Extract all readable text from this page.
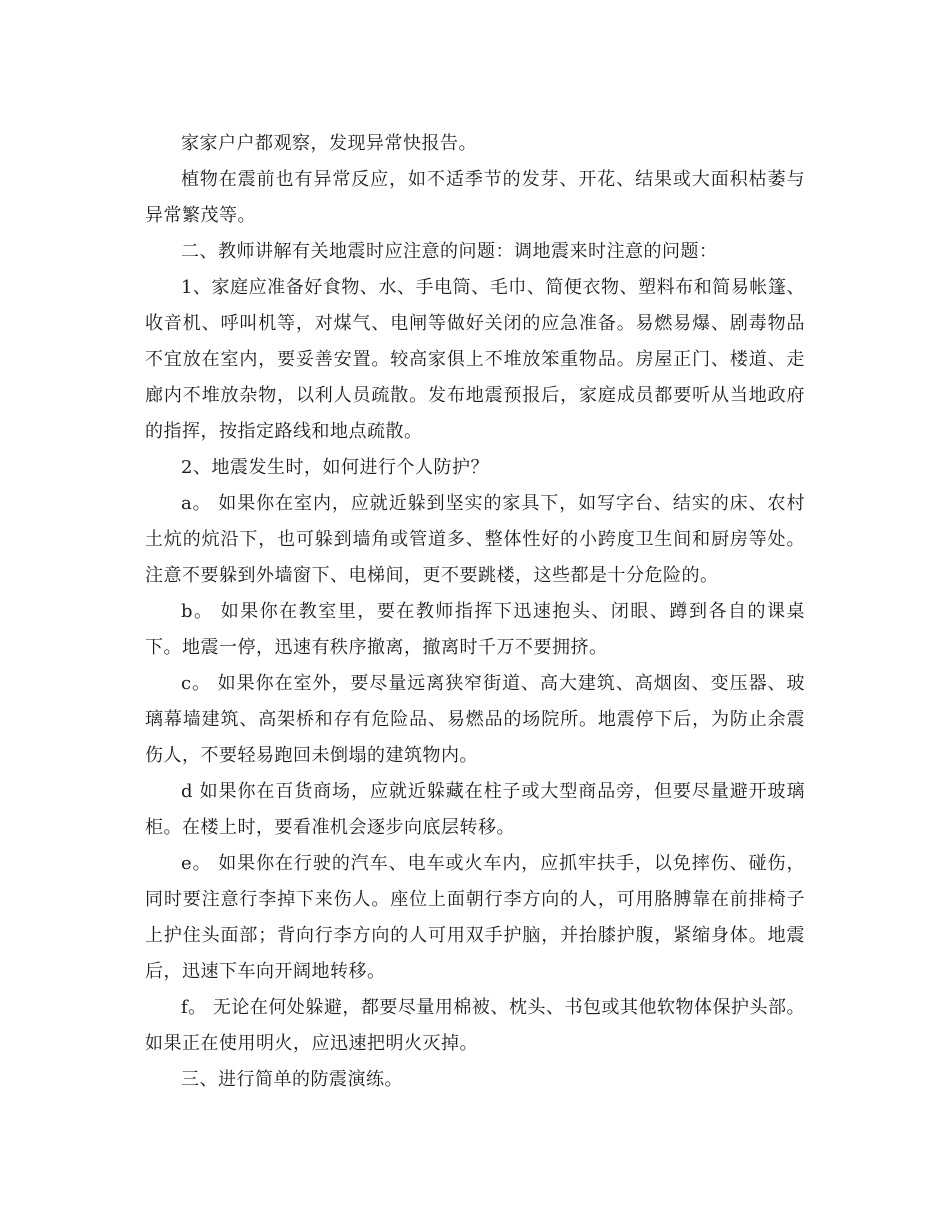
家家户户都观察，发现异常快报告。

植物在震前也有异常反应，如不适季节的发芽、开花、结果或大面积枯萎与异常繁茂等。

二、教师讲解有关地震时应注意的问题：调地震来时注意的问题：

1、家庭应准备好食物、水、手电筒、毛巾、简便衣物、塑料布和简易帐篷、收音机、呼叫机等，对煤气、电闸等做好关闭的应急准备。易燃易爆、剧毒物品不宜放在室内，要妥善安置。较高家俱上不堆放笨重物品。房屋正门、楼道、走廊内不堆放杂物，以利人员疏散。发布地震预报后，家庭成员都要听从当地政府的指挥，按指定路线和地点疏散。

2、地震发生时，如何进行个人防护？

a。 如果你在室内，应就近躲到坚实的家具下，如写字台、结实的床、农村土炕的炕沿下，也可躲到墙角或管道多、整体性好的小跨度卫生间和厨房等处。注意不要躲到外墙窗下、电梯间，更不要跳楼，这些都是十分危险的。

b。 如果你在教室里，要在教师指挥下迅速抱头、闭眼、蹲到各自的课桌下。地震一停，迅速有秩序撤离，撤离时千万不要拥挤。

c。 如果你在室外，要尽量远离狭窄街道、高大建筑、高烟囱、变压器、玻璃幕墙建筑、高架桥和存有危险品、易燃品的场院所。地震停下后，为防止余震伤人，不要轻易跑回未倒塌的建筑物内。

d 如果你在百货商场，应就近躲藏在柱子或大型商品旁，但要尽量避开玻璃柜。在楼上时，要看准机会逐步向底层转移。

e。 如果你在行驶的汽车、电车或火车内，应抓牢扶手，以免摔伤、碰伤，同时要注意行李掉下来伤人。座位上面朝行李方向的人，可用胳膊靠在前排椅子上护住头面部；背向行李方向的人可用双手护脑，并抬膝护腹，紧缩身体。地震后，迅速下车向开阔地转移。

f。 无论在何处躲避，都要尽量用棉被、枕头、书包或其他软物体保护头部。如果正在使用明火，应迅速把明火灭掉。

三、进行简单的防震演练。
